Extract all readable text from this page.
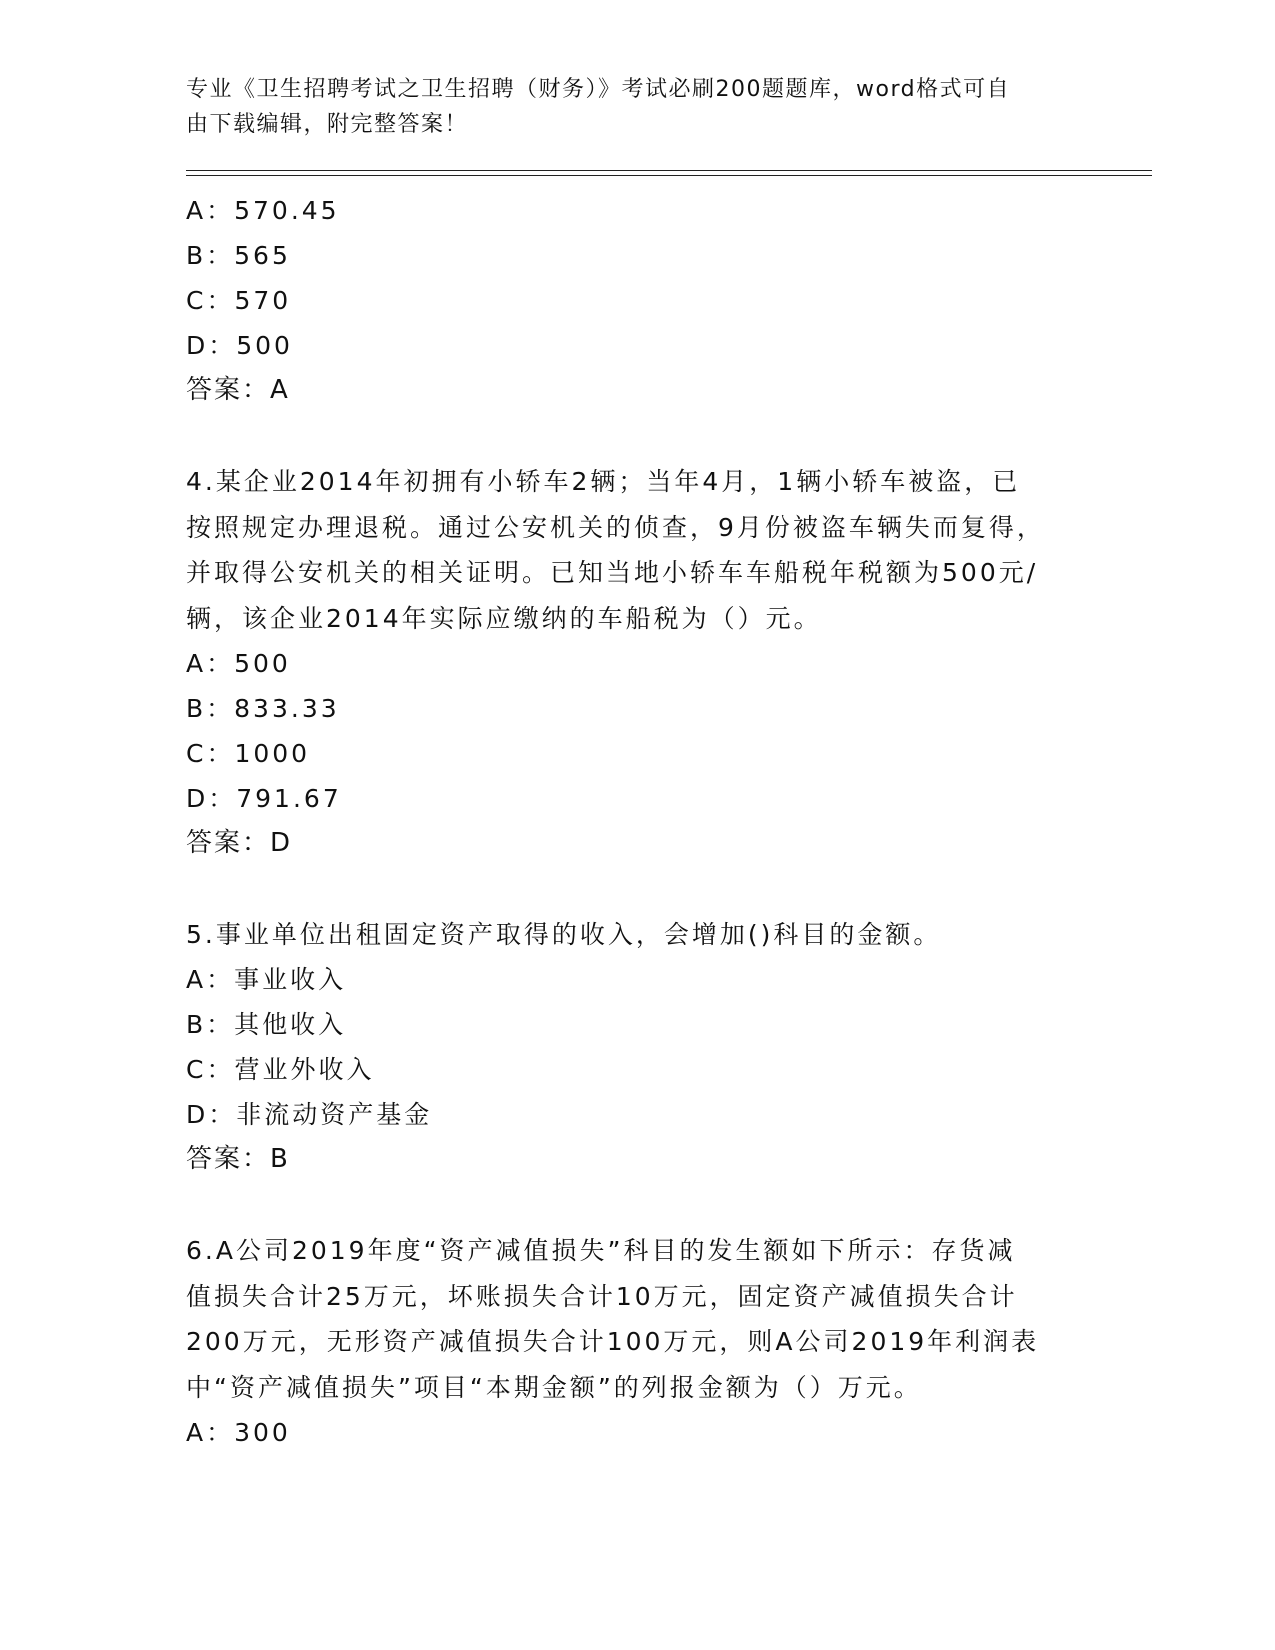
专业《卫生招聘考试之卫生招聘（财务）》考试必刷200题题库，word格式可自
由下载编辑，附完整答案！
A：570.45
B：565
C：570
D：500
答案：A
4.某企业2014年初拥有小轿车2辆；当年4月，1辆小轿车被盗，已
按照规定办理退税。通过公安机关的侦查，9月份被盗车辆失而复得，
并取得公安机关的相关证明。已知当地小轿车车船税年税额为500元/
辆，该企业2014年实际应缴纳的车船税为（）元。
A：500
B：833.33
C：1000
D：791.67
答案：D
5.事业单位出租固定资产取得的收入，会增加()科目的金额。
A：事业收入
B：其他收入
C：营业外收入
D：非流动资产基金
答案：B
6.A公司2019年度“资产减值损失”科目的发生额如下所示：存货减
值损失合计25万元，坏账损失合计10万元，固定资产减值损失合计
200万元，无形资产减值损失合计100万元，则A公司2019年利润表
中“资产减值损失”项目“本期金额”的列报金额为（）万元。
A：300
